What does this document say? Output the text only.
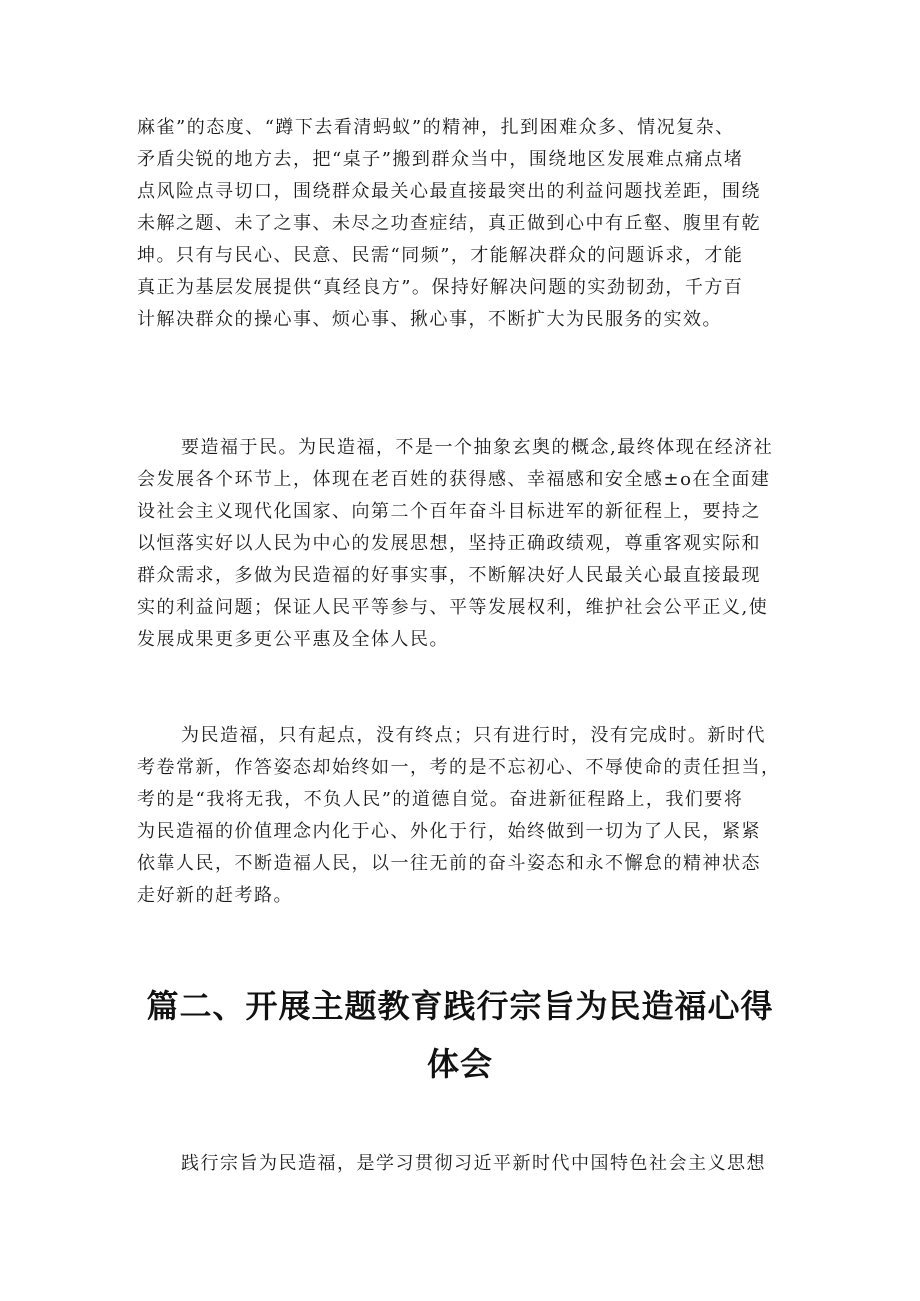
麻雀”的态度、“蹲下去看清蚂蚁”的精神，扎到困难众多、情况复杂、
矛盾尖锐的地方去，把“桌子”搬到群众当中，围绕地区发展难点痛点堵
点风险点寻切口，围绕群众最关心最直接最突出的利益问题找差距，围绕
未解之题、未了之事、未尽之功查症结，真正做到心中有丘壑、腹里有乾
坤。只有与民心、民意、民需“同频”，才能解决群众的问题诉求，才能
真正为基层发展提供“真经良方”。保持好解决问题的实劲韧劲，千方百
计解决群众的操心事、烦心事、揪心事，不断扩大为民服务的实效。
要造福于民。为民造福，不是一个抽象玄奥的概念,最终体现在经济社
会发展各个环节上，体现在老百姓的获得感、幸福感和安全感±o在全面建
设社会主义现代化国家、向第二个百年奋斗目标进军的新征程上，要持之
以恒落实好以人民为中心的发展思想，坚持正确政绩观，尊重客观实际和
群众需求，多做为民造福的好事实事，不断解决好人民最关心最直接最现
实的利益问题；保证人民平等参与、平等发展权利，维护社会公平正义,使
发展成果更多更公平惠及全体人民。
为民造福，只有起点，没有终点；只有进行时，没有完成时。新时代
考卷常新，作答姿态却始终如一，考的是不忘初心、不辱使命的责任担当，
考的是“我将无我，不负人民”的道德自觉。奋进新征程路上，我们要将
为民造福的价值理念内化于心、外化于行，始终做到一切为了人民，紧紧
依靠人民，不断造福人民，以一往无前的奋斗姿态和永不懈怠的精神状态
走好新的赶考路。
篇二、开展主题教育践行宗旨为民造福心得
体会
践行宗旨为民造福，是学习贯彻习近平新时代中国特色社会主义思想
